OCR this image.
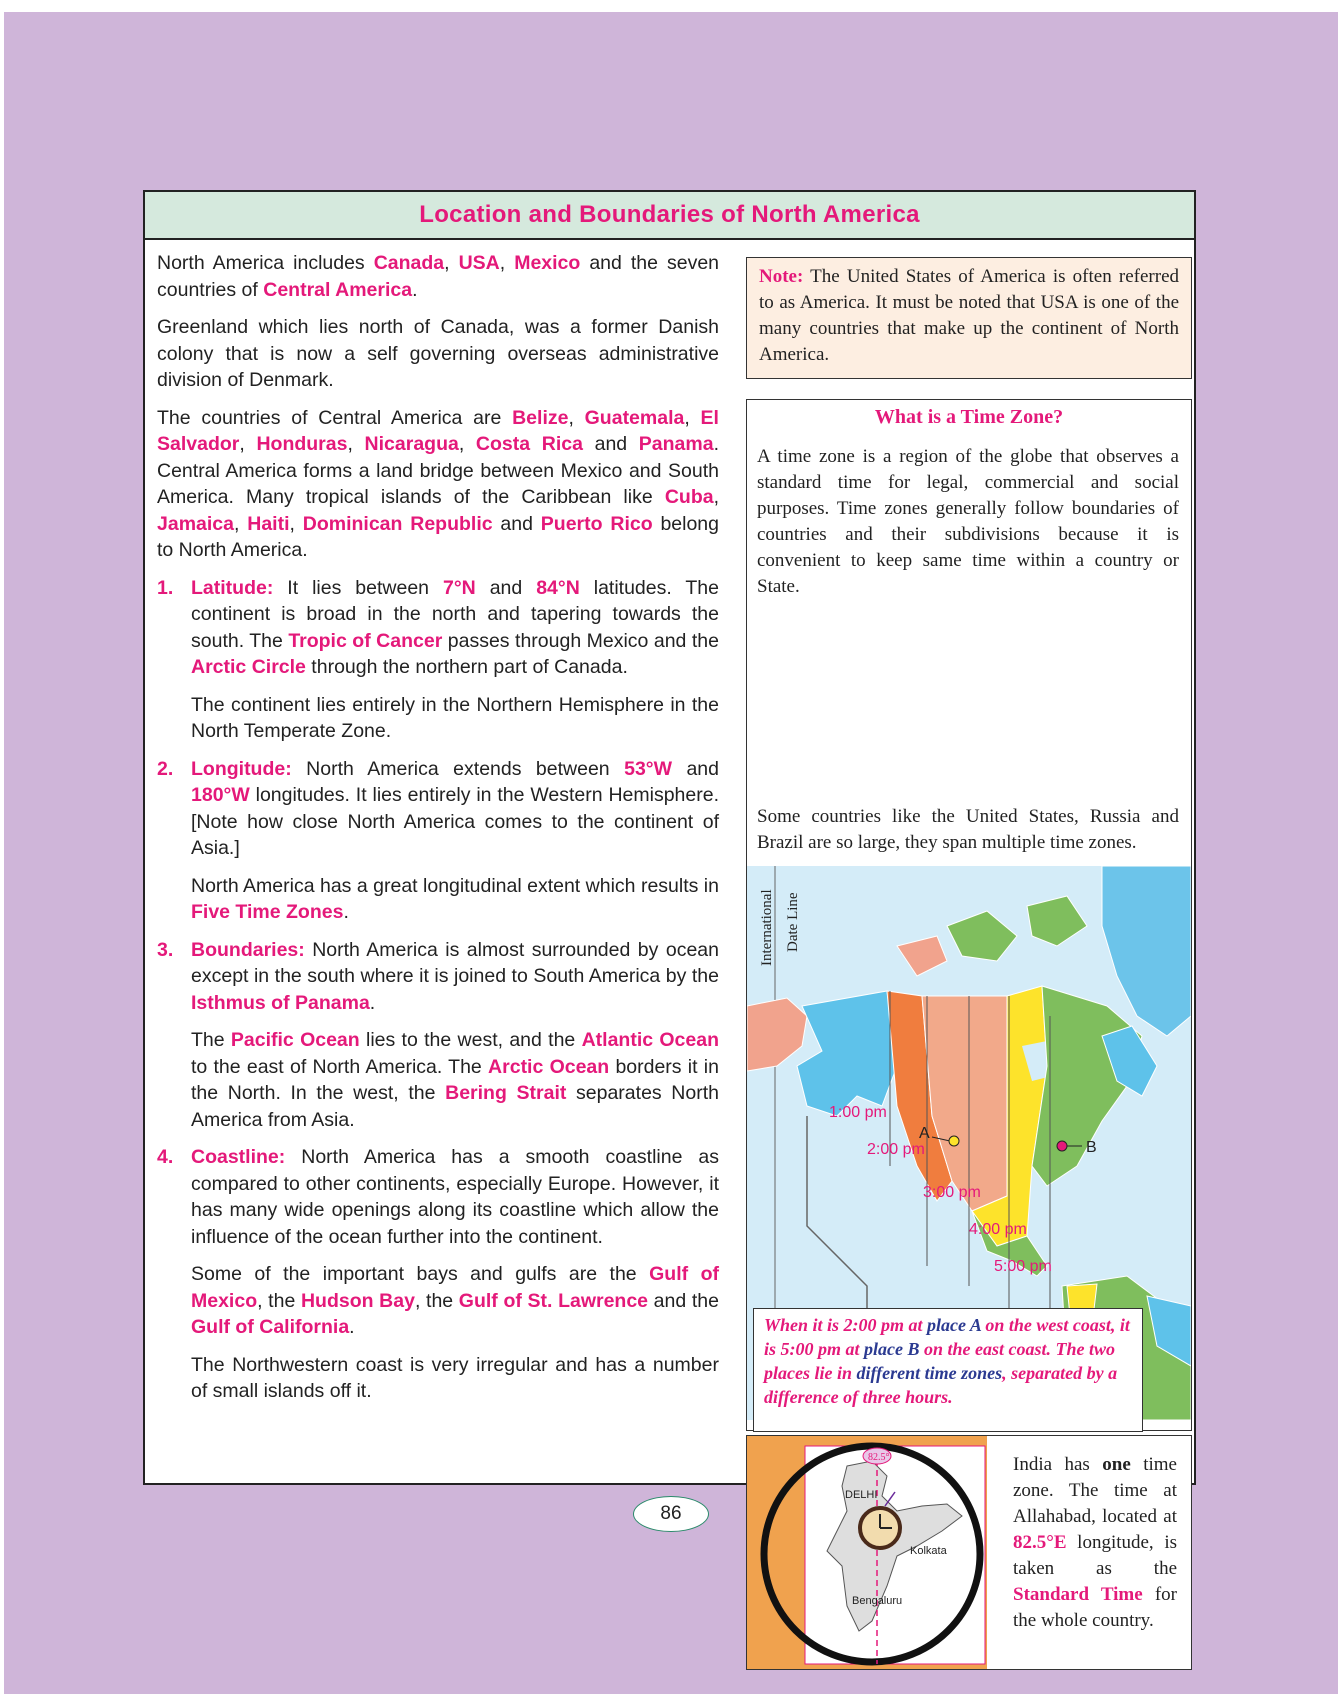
Location and Boundaries of North America

North America includes Canada, USA, Mexico and the seven countries of Central America.

Greenland which lies north of Canada, was a former Danish colony that is now a self governing overseas administrative division of Denmark.

The countries of Central America are Belize, Guatemala, El Salvador, Honduras, Nicaragua, Costa Rica and Panama. Central America forms a land bridge between Mexico and South America. Many tropical islands of the Caribbean like Cuba, Jamaica, Haiti, Dominican Republic and Puerto Rico belong to North America.

1. Latitude: It lies between 7°N and 84°N latitudes. The continent is broad in the north and tapering towards the south. The Tropic of Cancer passes through Mexico and the Arctic Circle through the northern part of Canada.

The continent lies entirely in the Northern Hemisphere in the North Temperate Zone.

2. Longitude: North America extends between 53°W and 180°W longitudes. It lies entirely in the Western Hemisphere. [Note how close North America comes to the continent of Asia.]

North America has a great longitudinal extent which results in Five Time Zones.

3. Boundaries: North America is almost surrounded by ocean except in the south where it is joined to South America by the Isthmus of Panama.

The Pacific Ocean lies to the west, and the Atlantic Ocean to the east of North America. The Arctic Ocean borders it in the North. In the west, the Bering Strait separates North America from Asia.

4. Coastline: North America has a smooth coastline as compared to other continents, especially Europe. However, it has many wide openings along its coastline which allow the influence of the ocean further into the continent.

Some of the important bays and gulfs are the Gulf of Mexico, the Hudson Bay, the Gulf of St. Lawrence and the Gulf of California.

The Northwestern coast is very irregular and has a number of small islands off it.

Note: The United States of America is often referred to as America. It must be noted that USA is one of the many countries that make up the continent of North America.
What is a Time Zone?
A time zone is a region of the globe that observes a standard time for legal, commercial and social purposes. Time zones generally follow boundaries of countries and their subdivisions because it is convenient to keep same time within a country or State.
Some countries like the United States, Russia and Brazil are so large, they span multiple time zones.
International Date Line
1:00 pm
2:00 pm
3:00 pm
4:00 pm
5:00 pm
A
B
When it is 2:00 pm at place A on the west coast, it is 5:00 pm at place B on the east coast. The two places lie in different time zones, separated by a difference of three hours.
82.5°
DELHI
Kolkata
Bengaluru
India has one time zone. The time at Allahabad, located at 82.5°E longitude, is taken as the Standard Time for the whole country.
86
